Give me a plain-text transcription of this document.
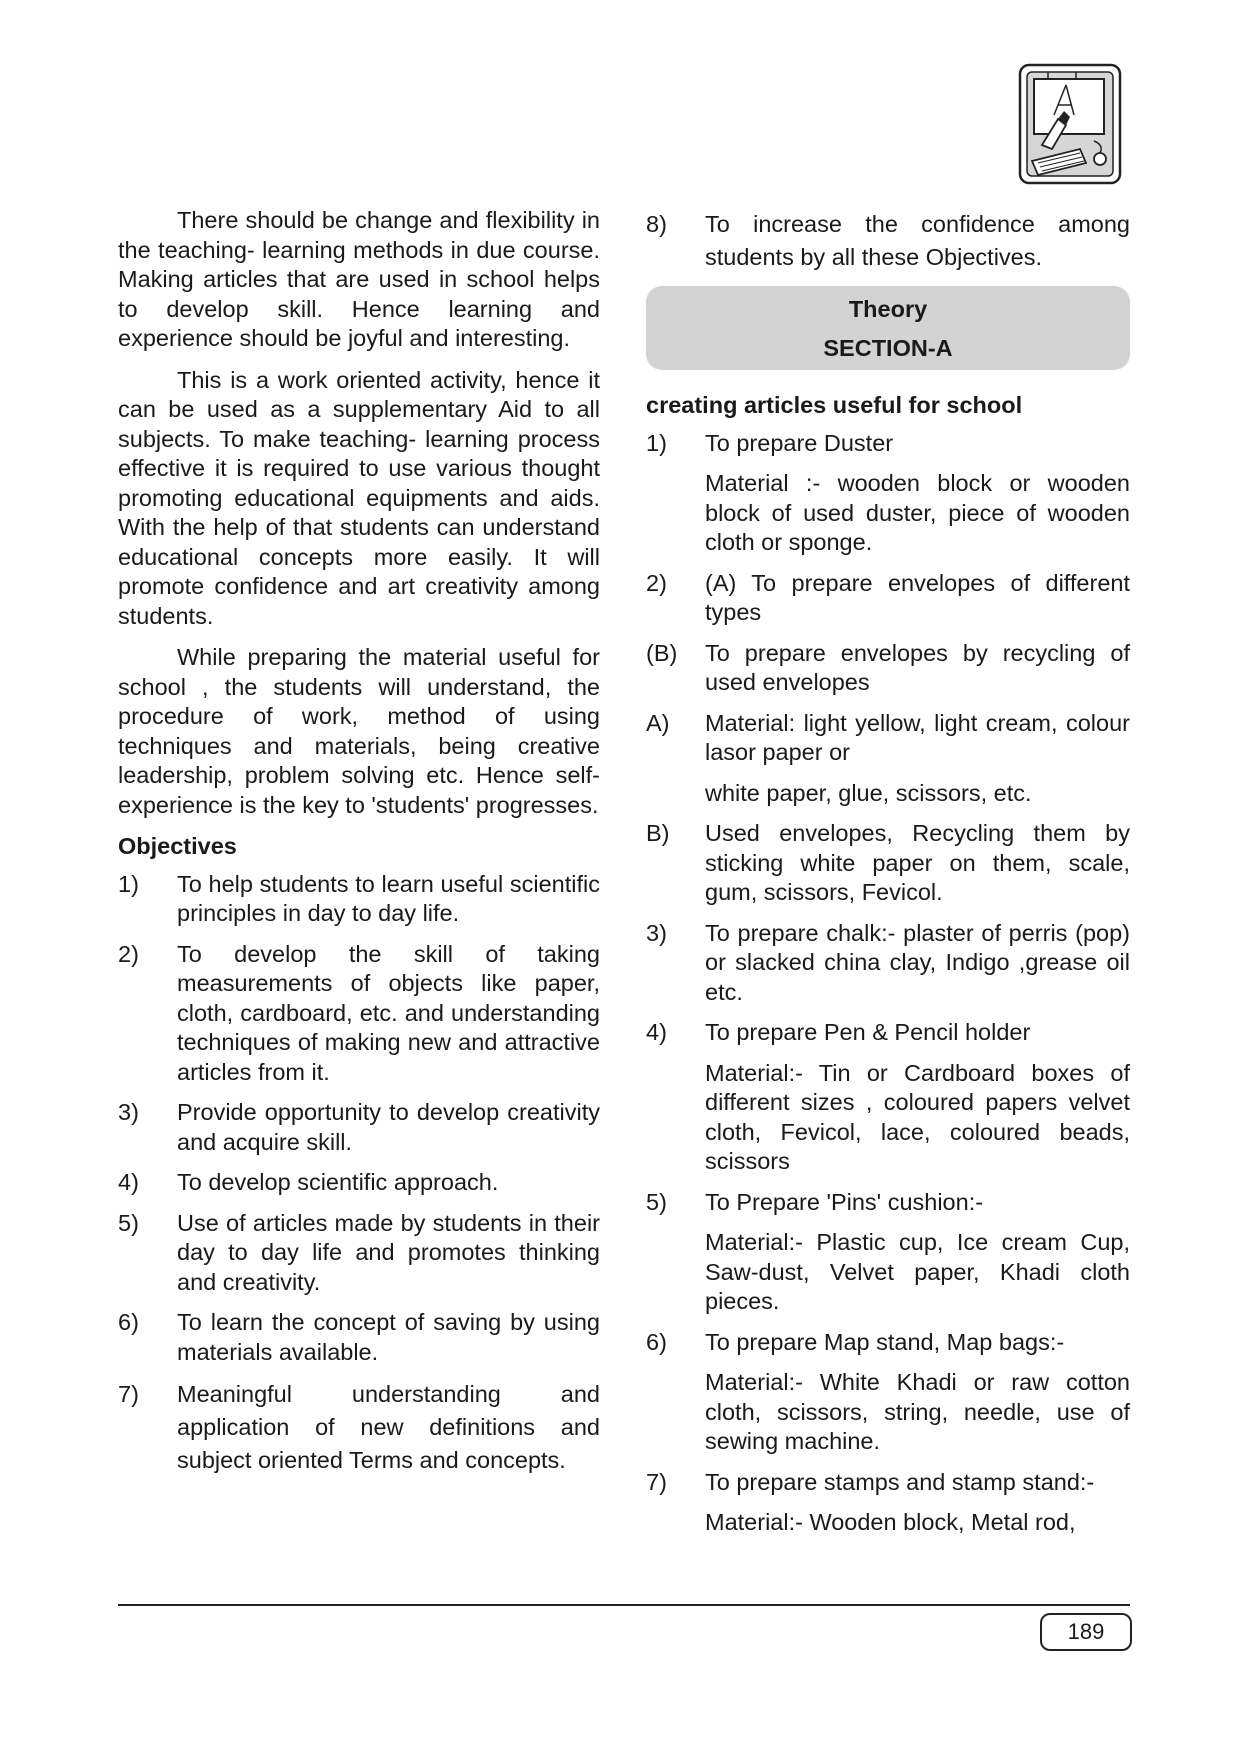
There should be change and flexibility in the teaching- learning methods in due course. Making articles that are used in school helps to develop skill. Hence learning and experience should be joyful and interesting.

This is a work oriented activity, hence it can be used as a supplementary Aid to all subjects. To make teaching- learning process effective it is required to use various thought promoting educational equipments and aids. With the help of that students can understand educational concepts more easily. It will promote confidence and art creativity among students.

While preparing the material useful for school , the students will understand, the procedure of work, method of using techniques and materials, being creative leadership, problem solving etc. Hence self-experience is the key to 'students' progresses.

Objectives
1) To help students to learn useful scientific principles in day to day life.
2) To develop the skill of taking measurements of objects like paper, cloth, cardboard, etc. and understanding techniques of making new and attractive articles from it.
3) Provide opportunity to develop creativity and acquire skill.
4) To develop scientific approach.
5) Use of articles made by students in their day to day life and promotes thinking and creativity.
6) To learn the concept of saving by using materials available.
7) Meaningful understanding and application of new definitions and subject oriented Terms and concepts.
8) To increase the confidence among students by all these Objectives.
Theory
SECTION-A
creating articles useful for school
1) To prepare Duster
Material :- wooden block or wooden block of used duster, piece of wooden cloth or sponge.
2) (A) To prepare envelopes of different types
(B) To prepare envelopes by recycling of used envelopes
A) Material: light yellow, light cream, colour lasor paper or
white paper, glue, scissors, etc.
B) Used envelopes, Recycling them by sticking white paper on them, scale, gum, scissors, Fevicol.
3) To prepare chalk:- plaster of perris (pop) or slacked china clay, Indigo ,grease oil etc.
4) To prepare Pen & Pencil holder
Material:- Tin or Cardboard boxes of different sizes , coloured papers velvet cloth, Fevicol, lace, coloured beads, scissors
5) To Prepare 'Pins' cushion:-
Material:- Plastic cup, Ice cream Cup, Saw-dust, Velvet paper, Khadi cloth pieces.
6) To prepare Map stand, Map bags:-
Material:- White Khadi or raw cotton cloth, scissors, string, needle, use of sewing machine.
7) To prepare stamps and stamp stand:-
Material:- Wooden block, Metal rod,
189
